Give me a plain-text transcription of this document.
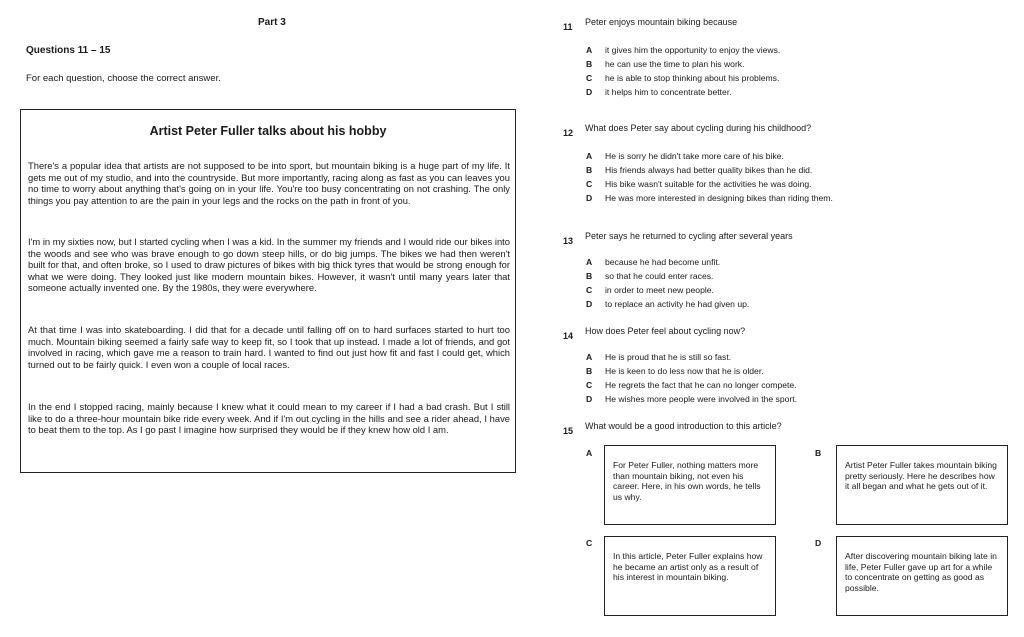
Part 3
Questions 11 – 15
For each question, choose the correct answer.
Artist Peter Fuller talks about his hobby

There's a popular idea that artists are not supposed to be into sport, but mountain biking is a huge part of my life. It gets me out of my studio, and into the countryside. But more importantly, racing along as fast as you can leaves you no time to worry about anything that's going on in your life. You're too busy concentrating on not crashing. The only things you pay attention to are the pain in your legs and the rocks on the path in front of you.

I'm in my sixties now, but I started cycling when I was a kid. In the summer my friends and I would ride our bikes into the woods and see who was brave enough to go down steep hills, or do big jumps. The bikes we had then weren't built for that, and often broke, so I used to draw pictures of bikes with big thick tyres that would be strong enough for what we were doing. They looked just like modern mountain bikes. However, it wasn't until many years later that someone actually invented one. By the 1980s, they were everywhere.

At that time I was into skateboarding. I did that for a decade until falling off on to hard surfaces started to hurt too much. Mountain biking seemed a fairly safe way to keep fit, so I took that up instead. I made a lot of friends, and got involved in racing, which gave me a reason to train hard. I wanted to find out just how fit and fast I could get, which turned out to be fairly quick. I even won a couple of local races.

In the end I stopped racing, mainly because I knew what it could mean to my career if I had a bad crash. But I still like to do a three-hour mountain bike ride every week. And if I'm out cycling in the hills and see a rider ahead, I have to beat them to the top. As I go past I imagine how surprised they would be if they knew how old I am.

11 Peter enjoys mountain biking because
A it gives him the opportunity to enjoy the views.
B he can use the time to plan his work.
C he is able to stop thinking about his problems.
D it helps him to concentrate better.
12 What does Peter say about cycling during his childhood?
A He is sorry he didn't take more care of his bike.
B His friends always had better quality bikes than he did.
C His bike wasn't suitable for the activities he was doing.
D He was more interested in designing bikes than riding them.
13 Peter says he returned to cycling after several years
A because he had become unfit.
B so that he could enter races.
C in order to meet new people.
D to replace an activity he had given up.
14 How does Peter feel about cycling now?
A He is proud that he is still so fast.
B He is keen to do less now that he is older.
C He regrets the fact that he can no longer compete.
D He wishes more people were involved in the sport.
15 What would be a good introduction to this article?
A
For Peter Fuller, nothing matters more than mountain biking, not even his career. Here, in his own words, he tells us why.
B
Artist Peter Fuller takes mountain biking pretty seriously. Here he describes how it all began and what he gets out of it.
C
In this article, Peter Fuller explains how he became an artist only as a result of his interest in mountain biking.
D
After discovering mountain biking late in life, Peter Fuller gave up art for a while to concentrate on getting as good as possible.
